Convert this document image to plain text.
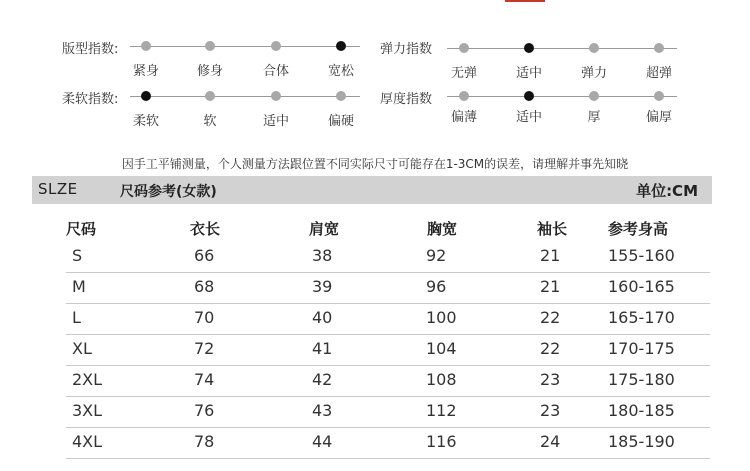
版型指数:
紧身	修身	合体	宽松
弹力指数
无弹	适中	弹力	超弹
柔软指数:
柔软	软	适中	偏硬
厚度指数
偏薄	适中	厚	偏厚
因手工平铺测量，个人测量方法跟位置不同实际尺寸可能存在1-3CM的误差，请理解并事先知晓
SLZE	尺码参考(女款)	单位:CM
尺码	衣长	肩宽	胸宽	袖长	参考身高
S	66	38	92	21	155-160
M	68	39	96	21	160-165
L	70	40	100	22	165-170
XL	72	41	104	22	170-175
2XL	74	42	108	23	175-180
3XL	76	43	112	23	180-185
4XL	78	44	116	24	185-190
